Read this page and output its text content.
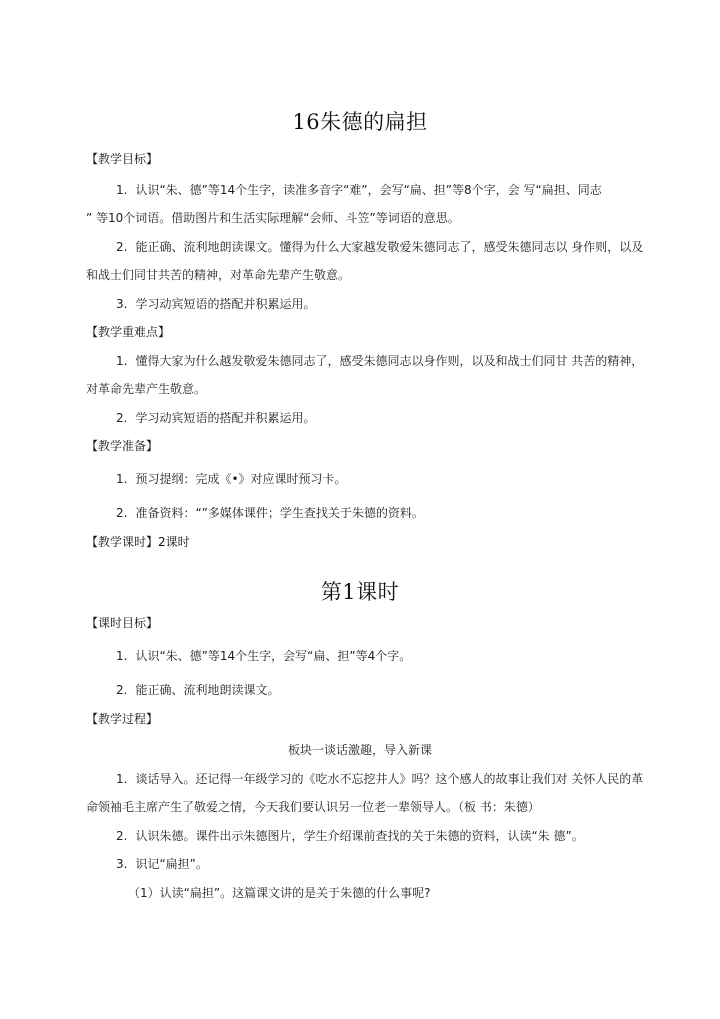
16朱德的扁担
【教学目标】
1. 认识“朱、德”等14个生字，读准多音字“难”，会写“扁、担”等8个字，会 写“扁担、同志
” 等10个词语。借助图片和生活实际理解“会师、斗笠”等词语的意思。
2. 能正确、流利地朗读课文。懂得为什么大家越发敬爱朱德同志了，感受朱德同志以 身作则，以及
和战士们同甘共苦的精神，对革命先辈产生敬意。
3. 学习动宾短语的搭配并积累运用。
【教学重难点】
1. 懂得大家为什么越发敬爱朱德同志了，感受朱德同志以身作则，以及和战士们同甘 共苦的精神，
对革命先辈产生敬意。
2. 学习动宾短语的搭配并积累运用。
【教学准备】
1. 预习提纲：完成《•》对应课时预习卡。
2. 准备资料：“”多媒体课件；学生查找关于朱德的资料。
【教学课时】2课时
第1课时
【课时目标】
1. 认识“朱、德”等14个生字，会写“扁、担”等4个字。
2. 能正确、流利地朗读课文。
【教学过程】
板块一谈话激趣，导入新课
1. 谈话导入。还记得一年级学习的《吃水不忘挖井人》吗？这个感人的故事让我们对 关怀人民的革
命领袖毛主席产生了敬爱之情，今天我们要认识另一位老一辈领导人。（板 书：朱德）
2. 认识朱德。课件出示朱德图片，学生介绍课前查找的关于朱德的资料，认读“朱 德”。
3. 识记“扁担”。
（1）认读“扁担”。这篇课文讲的是关于朱德的什么事呢?
